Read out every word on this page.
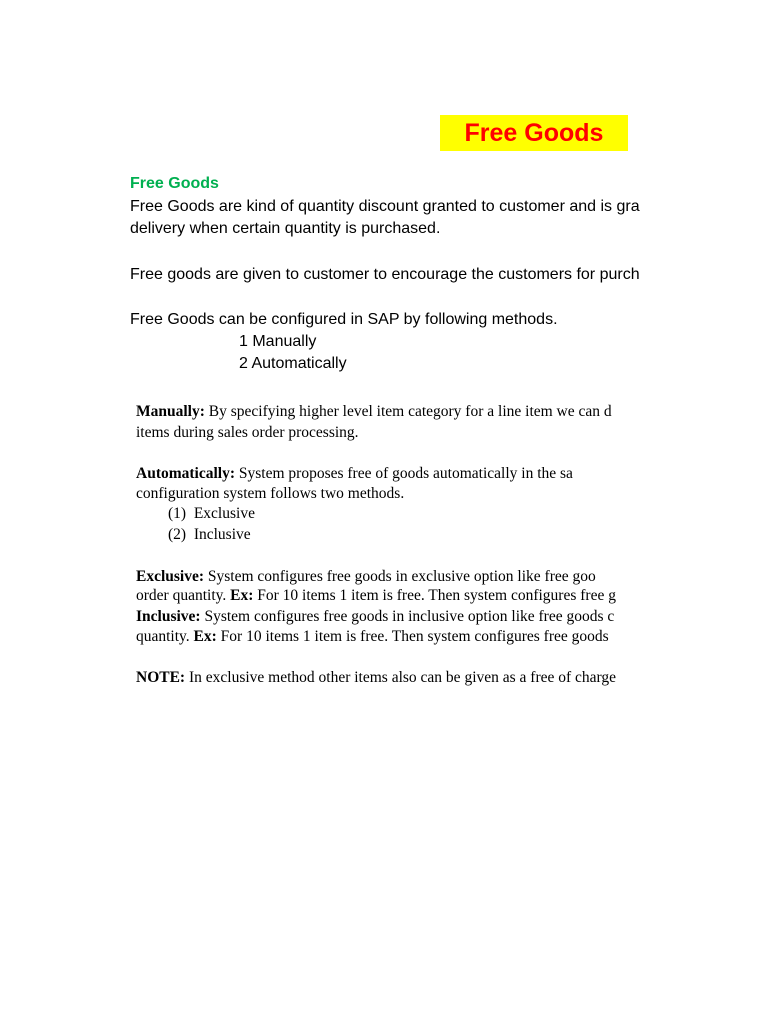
Free Goods
Free Goods
Free Goods are kind of quantity discount granted to customer and is gra
delivery when certain quantity is purchased.
Free goods are given to customer to encourage the customers for purch
Free Goods can be configured in SAP by following methods.
1 Manually
2 Automatically
Manually: By specifying higher level item category for a line item we can d
items during sales order processing.
Automatically: System proposes free of goods automatically in the sa
configuration system follows two methods.
(1)  Exclusive
(2)  Inclusive
Exclusive: System configures free goods in exclusive option like free goo
order quantity. Ex: For 10 items 1 item is free. Then system configures free g
Inclusive: System configures free goods in inclusive option like free goods c
quantity. Ex: For 10 items 1 item is free. Then system configures free goods
NOTE: In exclusive method other items also can be given as a free of charge
